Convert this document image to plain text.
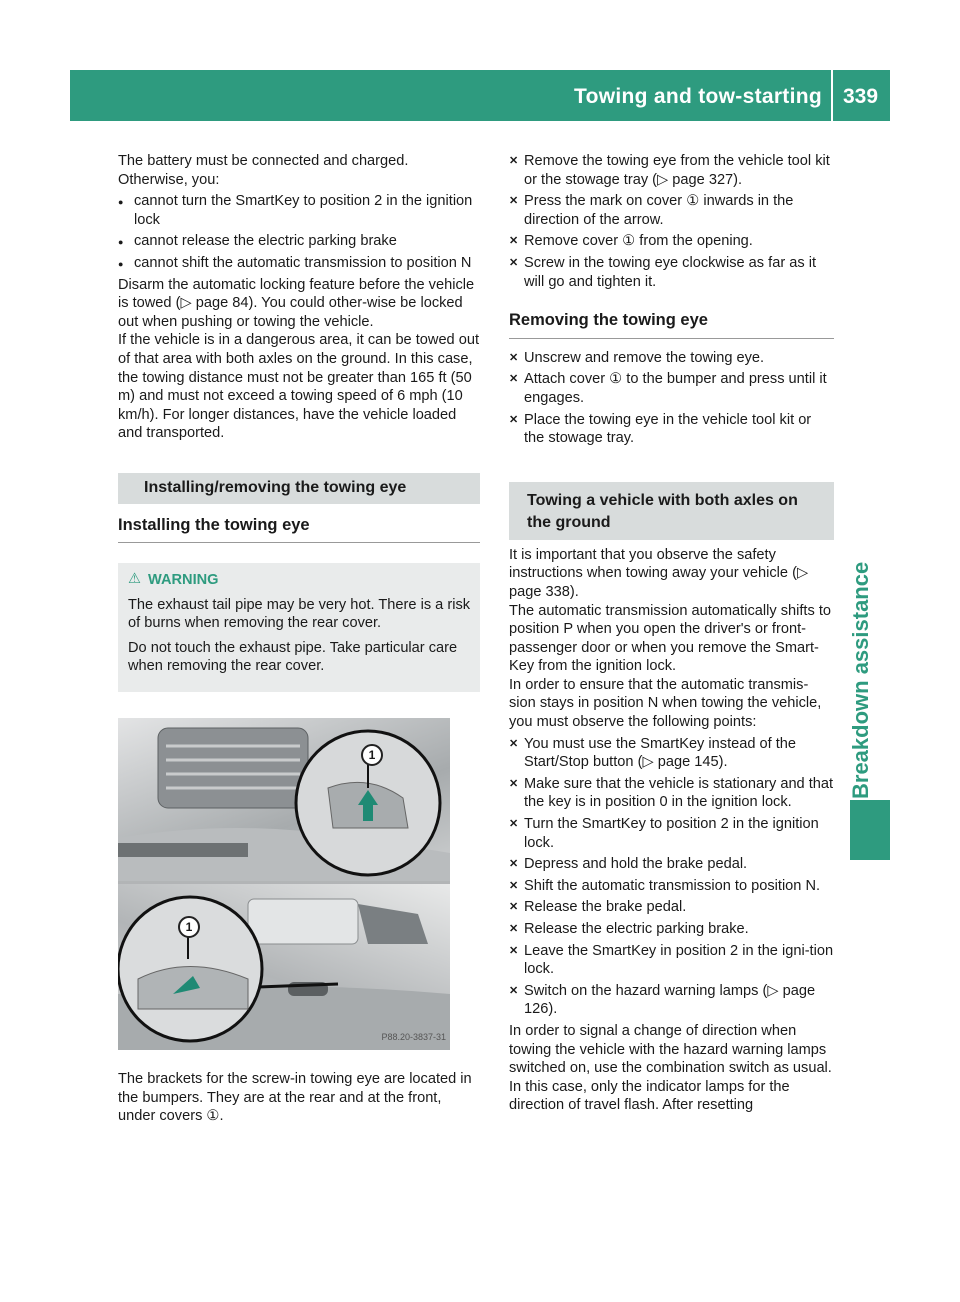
Towing and tow-starting 339
Breakdown assistance

The battery must be connected and charged. Otherwise, you:

● cannot turn the SmartKey to position 2 in the ignition lock
● cannot release the electric parking brake
● cannot shift the automatic transmission to position N

Disarm the automatic locking feature before the vehicle is towed (▷ page 84). You could other-wise be locked out when pushing or towing the vehicle.

If the vehicle is in a dangerous area, it can be towed out of that area with both axles on the ground. In this case, the towing distance must not be greater than 165 ft (50 m) and must not exceed a towing speed of 6 mph (10 km/h). For longer distances, have the vehicle loaded and transported.

Installing/removing the towing eye
Installing the towing eye
⚠ WARNING

The exhaust tail pipe may be very hot. There is a risk of burns when removing the rear cover.

Do not touch the exhaust pipe. Take particular care when removing the rear cover.

1
1
P88.20-3837-31

The brackets for the screw-in towing eye are located in the bumpers. They are at the rear and at the front, under covers ①.

✕ Remove the towing eye from the vehicle tool kit or the stowage tray (▷ page 327).
✕ Press the mark on cover ① inwards in the direction of the arrow.
✕ Remove cover ① from the opening.
✕ Screw in the towing eye clockwise as far as it will go and tighten it.
Removing the towing eye
✕ Unscrew and remove the towing eye.
✕ Attach cover ① to the bumper and press until it engages.
✕ Place the towing eye in the vehicle tool kit or the stowage tray.
Towing a vehicle with both axles on the ground

It is important that you observe the safety instructions when towing away your vehicle (▷ page 338).

The automatic transmission automatically shifts to position P when you open the driver's or front-passenger door or when you remove the Smart-Key from the ignition lock.

In order to ensure that the automatic transmis-sion stays in position N when towing the vehicle, you must observe the following points:

✕ You must use the SmartKey instead of the Start/Stop button (▷ page 145).
✕ Make sure that the vehicle is stationary and that the key is in position 0 in the ignition lock.
✕ Turn the SmartKey to position 2 in the ignition lock.
✕ Depress and hold the brake pedal.
✕ Shift the automatic transmission to position N.
✕ Release the brake pedal.
✕ Release the electric parking brake.
✕ Leave the SmartKey in position 2 in the igni-tion lock.
✕ Switch on the hazard warning lamps (▷ page 126).

In order to signal a change of direction when towing the vehicle with the hazard warning lamps switched on, use the combination switch as usual. In this case, only the indicator lamps for the direction of travel flash. After resetting
